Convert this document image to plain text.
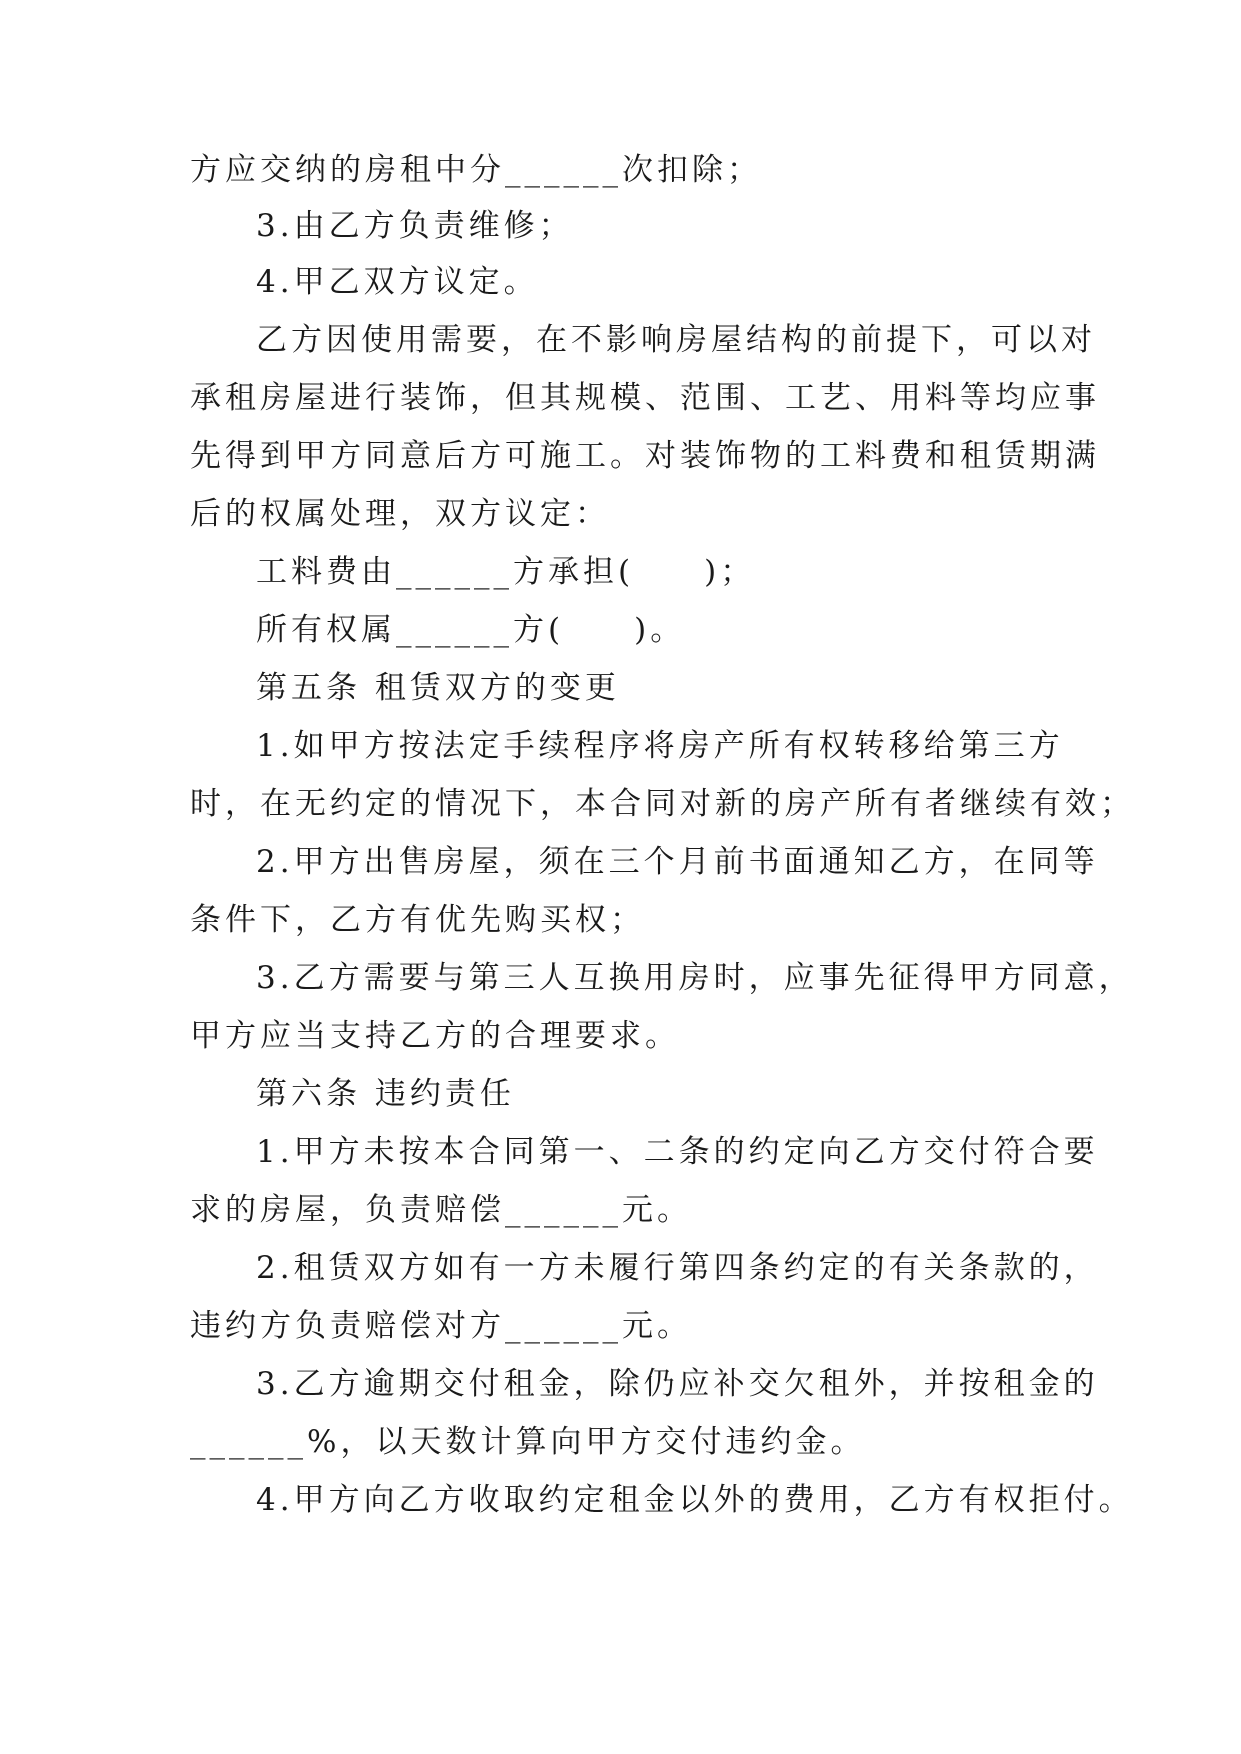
方应交纳的房租中分______次扣除；
3.由乙方负责维修；
4.甲乙双方议定。
乙方因使用需要，在不影响房屋结构的前提下，可以对
承租房屋进行装饰，但其规模、范围、工艺、用料等均应事
先得到甲方同意后方可施工。对装饰物的工料费和租赁期满
后的权属处理，双方议定：
工料费由______方承担(　　)；
所有权属______方(　　)。
第五条 租赁双方的变更
1.如甲方按法定手续程序将房产所有权转移给第三方
时，在无约定的情况下，本合同对新的房产所有者继续有效；
2.甲方出售房屋，须在三个月前书面通知乙方，在同等
条件下，乙方有优先购买权；
3.乙方需要与第三人互换用房时，应事先征得甲方同意，
甲方应当支持乙方的合理要求。
第六条 违约责任
1.甲方未按本合同第一、二条的约定向乙方交付符合要
求的房屋，负责赔偿______元。
2.租赁双方如有一方未履行第四条约定的有关条款的，
违约方负责赔偿对方______元。
3.乙方逾期交付租金，除仍应补交欠租外，并按租金的
______%，以天数计算向甲方交付违约金。
4.甲方向乙方收取约定租金以外的费用，乙方有权拒付。
